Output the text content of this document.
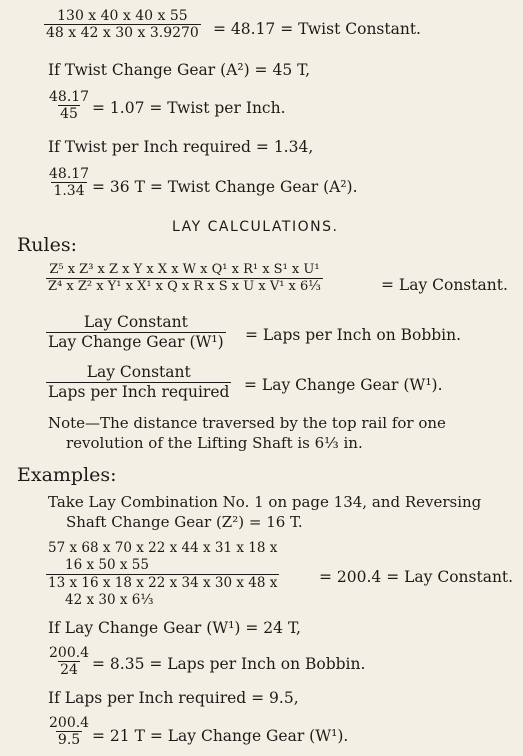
$\frac{130 x 40 x 40 x 55}{48 x 42 x 30 x 3.9270} = 48.17$ = Twist Constant.
If Twist Change Gear (A²) = 45 T,
$\frac{48.17}{45} = 1.07$ = Twist per Inch.
If Twist per Inch required = 1.34,
$\frac{48.17}{1.34} = 36$ T = Twist Change Gear (A²).
LAY CALCULATIONS.
Rules:
$\frac{\text{Z⁵ x Z³ x Z x Y x X x W x Q¹ x R¹ x S¹ x U¹}}{\text{Z⁴ x Z² x Y¹ x X¹ x Q x R x S x U x V¹ x 6⅓}}$	= Lay Constant.
Lay Constant
Lay Change Gear (W¹) = Laps per Inch on Bobbin.
Lay Constant
Laps per Inch required = Lay Change Gear (W¹).
Note—The distance traversed by the top rail for one
revolution of the Lifting Shaft is 6⅓ in.
Examples:
Take Lay Combination No. 1 on page 134, and Reversing
Shaft Change Gear (Z²) = 16 T.
57 x 68 x 70 x 22 x 44 x 31 x 18 x
16 x 50 x 55
13 x 16 x 18 x 22 x 34 x 30 x 48 x
42 x 30 x 6⅓
= 200.4 = Lay Constant.
If Lay Change Gear (W¹) = 24 T,
$\frac{200.4}{24} = 8.35$ = Laps per Inch on Bobbin.
If Laps per Inch required = 9.5,
$\frac{200.4}{9.5} = 21$ T = Lay Change Gear (W¹).
